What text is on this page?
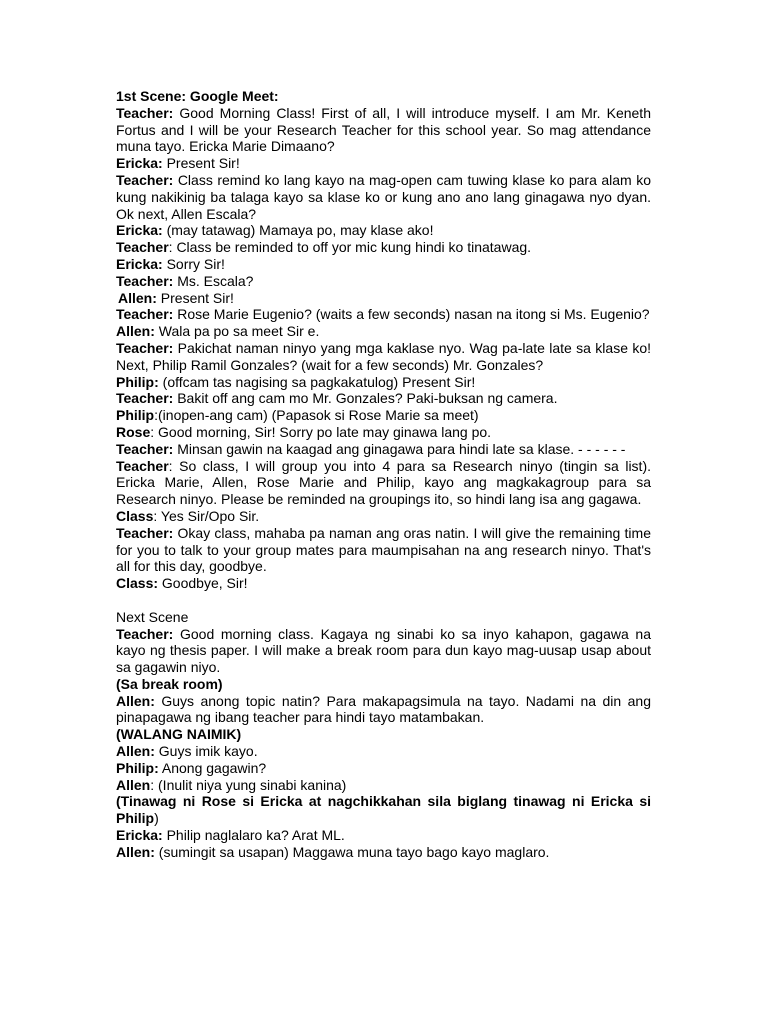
1st Scene: Google Meet:
Teacher: Good Morning Class! First of all, I will introduce myself. I am Mr. Keneth Fortus and I will be your Research Teacher for this school year. So mag attendance muna tayo. Ericka Marie Dimaano?
Ericka: Present Sir!
Teacher: Class remind ko lang kayo na mag-open cam tuwing klase ko para alam ko kung nakikinig ba talaga kayo sa klase ko or kung ano ano lang ginagawa nyo dyan. Ok next, Allen Escala?
Ericka: (may tatawag) Mamaya po, may klase ako!
Teacher: Class be reminded to off yor mic kung hindi ko tinatawag.
Ericka: Sorry Sir!
Teacher: Ms. Escala?
Allen: Present Sir!
Teacher: Rose Marie Eugenio? (waits a few seconds) nasan na itong si Ms. Eugenio?
Allen: Wala pa po sa meet Sir e.
Teacher: Pakichat naman ninyo yang mga kaklase nyo. Wag pa-late late sa klase ko! Next, Philip Ramil Gonzales? (wait for a few seconds) Mr. Gonzales?
Philip: (offcam tas nagising sa pagkakatulog) Present Sir!
Teacher: Bakit off ang cam mo Mr. Gonzales? Paki-buksan ng camera.
Philip:(inopen-ang cam) (Papasok si Rose Marie sa meet)
Rose: Good morning, Sir! Sorry po late may ginawa lang po.
Teacher: Minsan gawin na kaagad ang ginagawa para hindi late sa klase. - - - - - -
Teacher: So class, I will group you into 4 para sa Research ninyo (tingin sa list). Ericka Marie, Allen, Rose Marie and Philip, kayo ang magkakagroup para sa Research ninyo. Please be reminded na groupings ito, so hindi lang isa ang gagawa.
Class: Yes Sir/Opo Sir.
Teacher: Okay class, mahaba pa naman ang oras natin. I will give the remaining time for you to talk to your group mates para maumpisahan na ang research ninyo. That's all for this day, goodbye.
Class: Goodbye, Sir!
Next Scene
Teacher: Good morning class. Kagaya ng sinabi ko sa inyo kahapon, gagawa na kayo ng thesis paper. I will make a break room para dun kayo mag-uusap usap about sa gagawin niyo.
(Sa break room)
Allen: Guys anong topic natin? Para makapagsimula na tayo. Nadami na din ang pinapagawa ng ibang teacher para hindi tayo matambakan.
(WALANG NAIMIK)
Allen: Guys imik kayo.
Philip: Anong gagawin?
Allen: (Inulit niya yung sinabi kanina)
(Tinawag ni Rose si Ericka at nagchikkahan sila biglang tinawag ni Ericka si Philip)
Ericka: Philip naglalaro ka? Arat ML.
Allen: (sumingit sa usapan) Maggawa muna tayo bago kayo maglaro.
